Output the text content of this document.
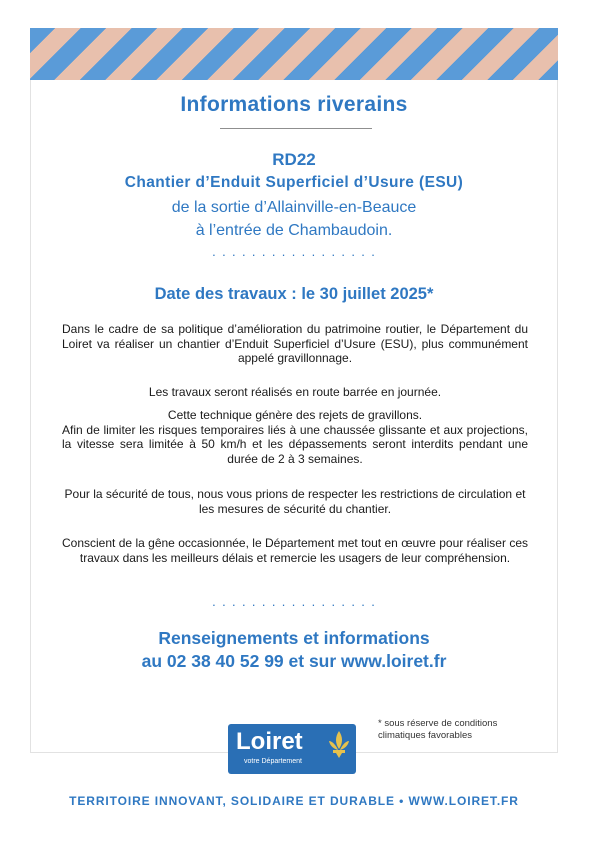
Informations riverains

RD22

Chantier d’Enduit Superficiel d’Usure (ESU)

de la sortie d’Allainville-en-Beauce

à l’entrée de Chambaudoin.

· · · · · · · · · · · · · · · · ·

Date des travaux : le 30 juillet 2025*

Dans le cadre de sa politique d’amélioration du patrimoine routier, le Département du Loiret va réaliser un chantier d’Enduit Superficiel d’Usure (ESU), plus communément appelé gravillonnage.

Les travaux seront réalisés en route barrée en journée.

Cette technique génère des rejets de gravillons.
Afin de limiter les risques temporaires liés à une chaussée glissante et aux projections, la vitesse sera limitée à 50 km/h et les dépassements seront interdits pendant une durée de 2 à 3 semaines.

Pour la sécurité de tous, nous vous prions de respecter les restrictions de circulation et les mesures de sécurité du chantier.

Conscient de la gêne occasionnée, le Département met tout en œuvre pour réaliser ces travaux dans les meilleurs délais et remercie les usagers de leur compréhension.

· · · · · · · · · · · · · · · · ·

Renseignements et informations

au 02 38 40 52 99 et sur www.loiret.fr

Loiret
votre Département

* sous réserve de conditions climatiques favorables

TERRITOIRE INNOVANT, SOLIDAIRE ET DURABLE • WWW.LOIRET.FR
